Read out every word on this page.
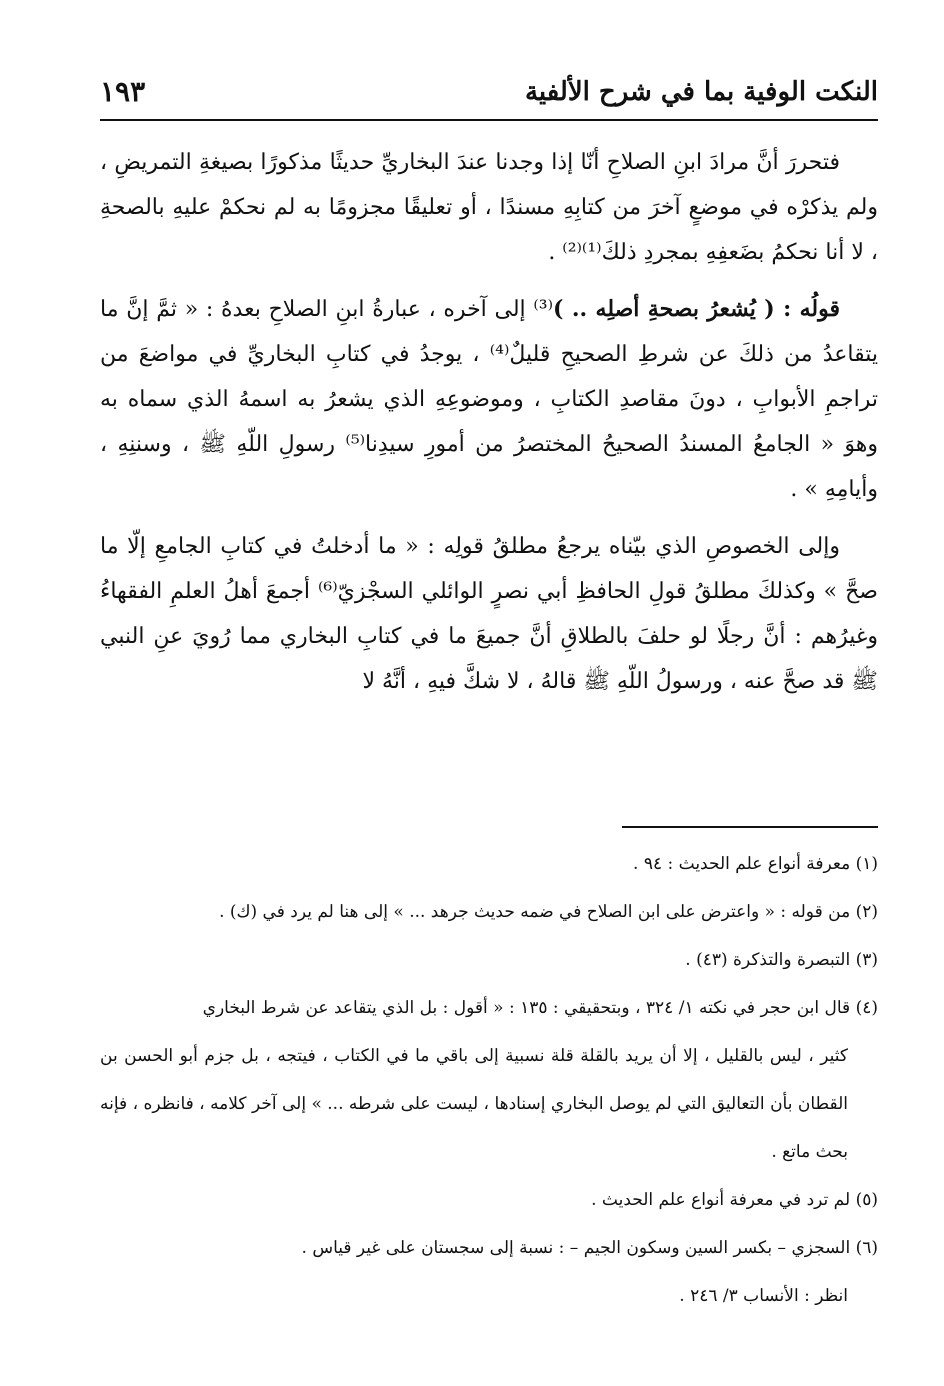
النكت الوفية بما في شرح الألفية
١٩٣

فتحررَ أنَّ مرادَ ابنِ الصلاحِ أنّا إذا وجدنا عندَ البخاريِّ حديثًا مذكورًا بصيغةِ التمريضِ ، ولم يذكرْه في موضعٍ آخرَ من كتابِهِ مسندًا ، أو تعليقًا مجزومًا به لم نحكمْ عليهِ بالصحةِ ، لا أنا نحكمُ بضَعفِهِ بمجردِ ذلكَ⁽¹⁾⁽²⁾ .

قولُه : ( يُشعرُ بصحةِ أصلِه .. )⁽³⁾ إلى آخره ، عبارةُ ابنِ الصلاحِ بعدهُ : « ثمَّ إنَّ ما يتقاعدُ من ذلكَ عن شرطِ الصحيحِ قليلٌ⁽⁴⁾ ، يوجدُ في كتابِ البخاريِّ في مواضعَ من تراجمِ الأبوابِ ، دونَ مقاصدِ الكتابِ ، وموضوعِهِ الذي يشعرُ به اسمهُ الذي سماه به وهوَ « الجامعُ المسندُ الصحيحُ المختصرُ من أمورِ سيدِنا⁽⁵⁾ رسولِ اللّهِ ﷺ ، وسننِهِ ، وأيامِهِ » .

وإلى الخصوصِ الذي بيّناه يرجعُ مطلقُ قولِه : « ما أدخلتُ في كتابِ الجامعِ إلّا ما صحَّ » وكذلكَ مطلقُ قولِ الحافظِ أبي نصرٍ الوائلي السجْزيّ⁽⁶⁾ أجمعَ أهلُ العلمِ الفقهاءُ وغيرُهم : أنَّ رجلًا لو حلفَ بالطلاقِ أنَّ جميعَ ما في كتابِ البخاري مما رُويَ عنِ النبي ﷺ قد صحَّ عنه ، ورسولُ اللّهِ ﷺ قالهُ ، لا شكَّ فيهِ ، أنَّهُ لا

(١) معرفة أنواع علم الحديث : ٩٤ .

(٢) من قوله : « واعترض على ابن الصلاح في ضمه حديث جرهد ... » إلى هنا لم يرد في (ك) .

(٣) التبصرة والتذكرة (٤٣) .

(٤) قال ابن حجر في نكته ١/ ٣٢٤ ، وبتحقيقي : ١٣٥ : « أقول : بل الذي يتقاعد عن شرط البخاري
كثير ، ليس بالقليل ، إلا أن يريد بالقلة قلة نسبية إلى باقي ما في الكتاب ، فيتجه ، بل جزم أبو الحسن بن القطان بأن التعاليق التي لم يوصل البخاري إسنادها ، ليست على شرطه ... » إلى آخر كلامه ، فانظره ، فإنه بحث ماتع .

(٥) لم ترد في معرفة أنواع علم الحديث .

(٦) السجزي – بكسر السين وسكون الجيم – : نسبة إلى سجستان على غير قياس .
انظر : الأنساب ٣/ ٢٤٦ .
